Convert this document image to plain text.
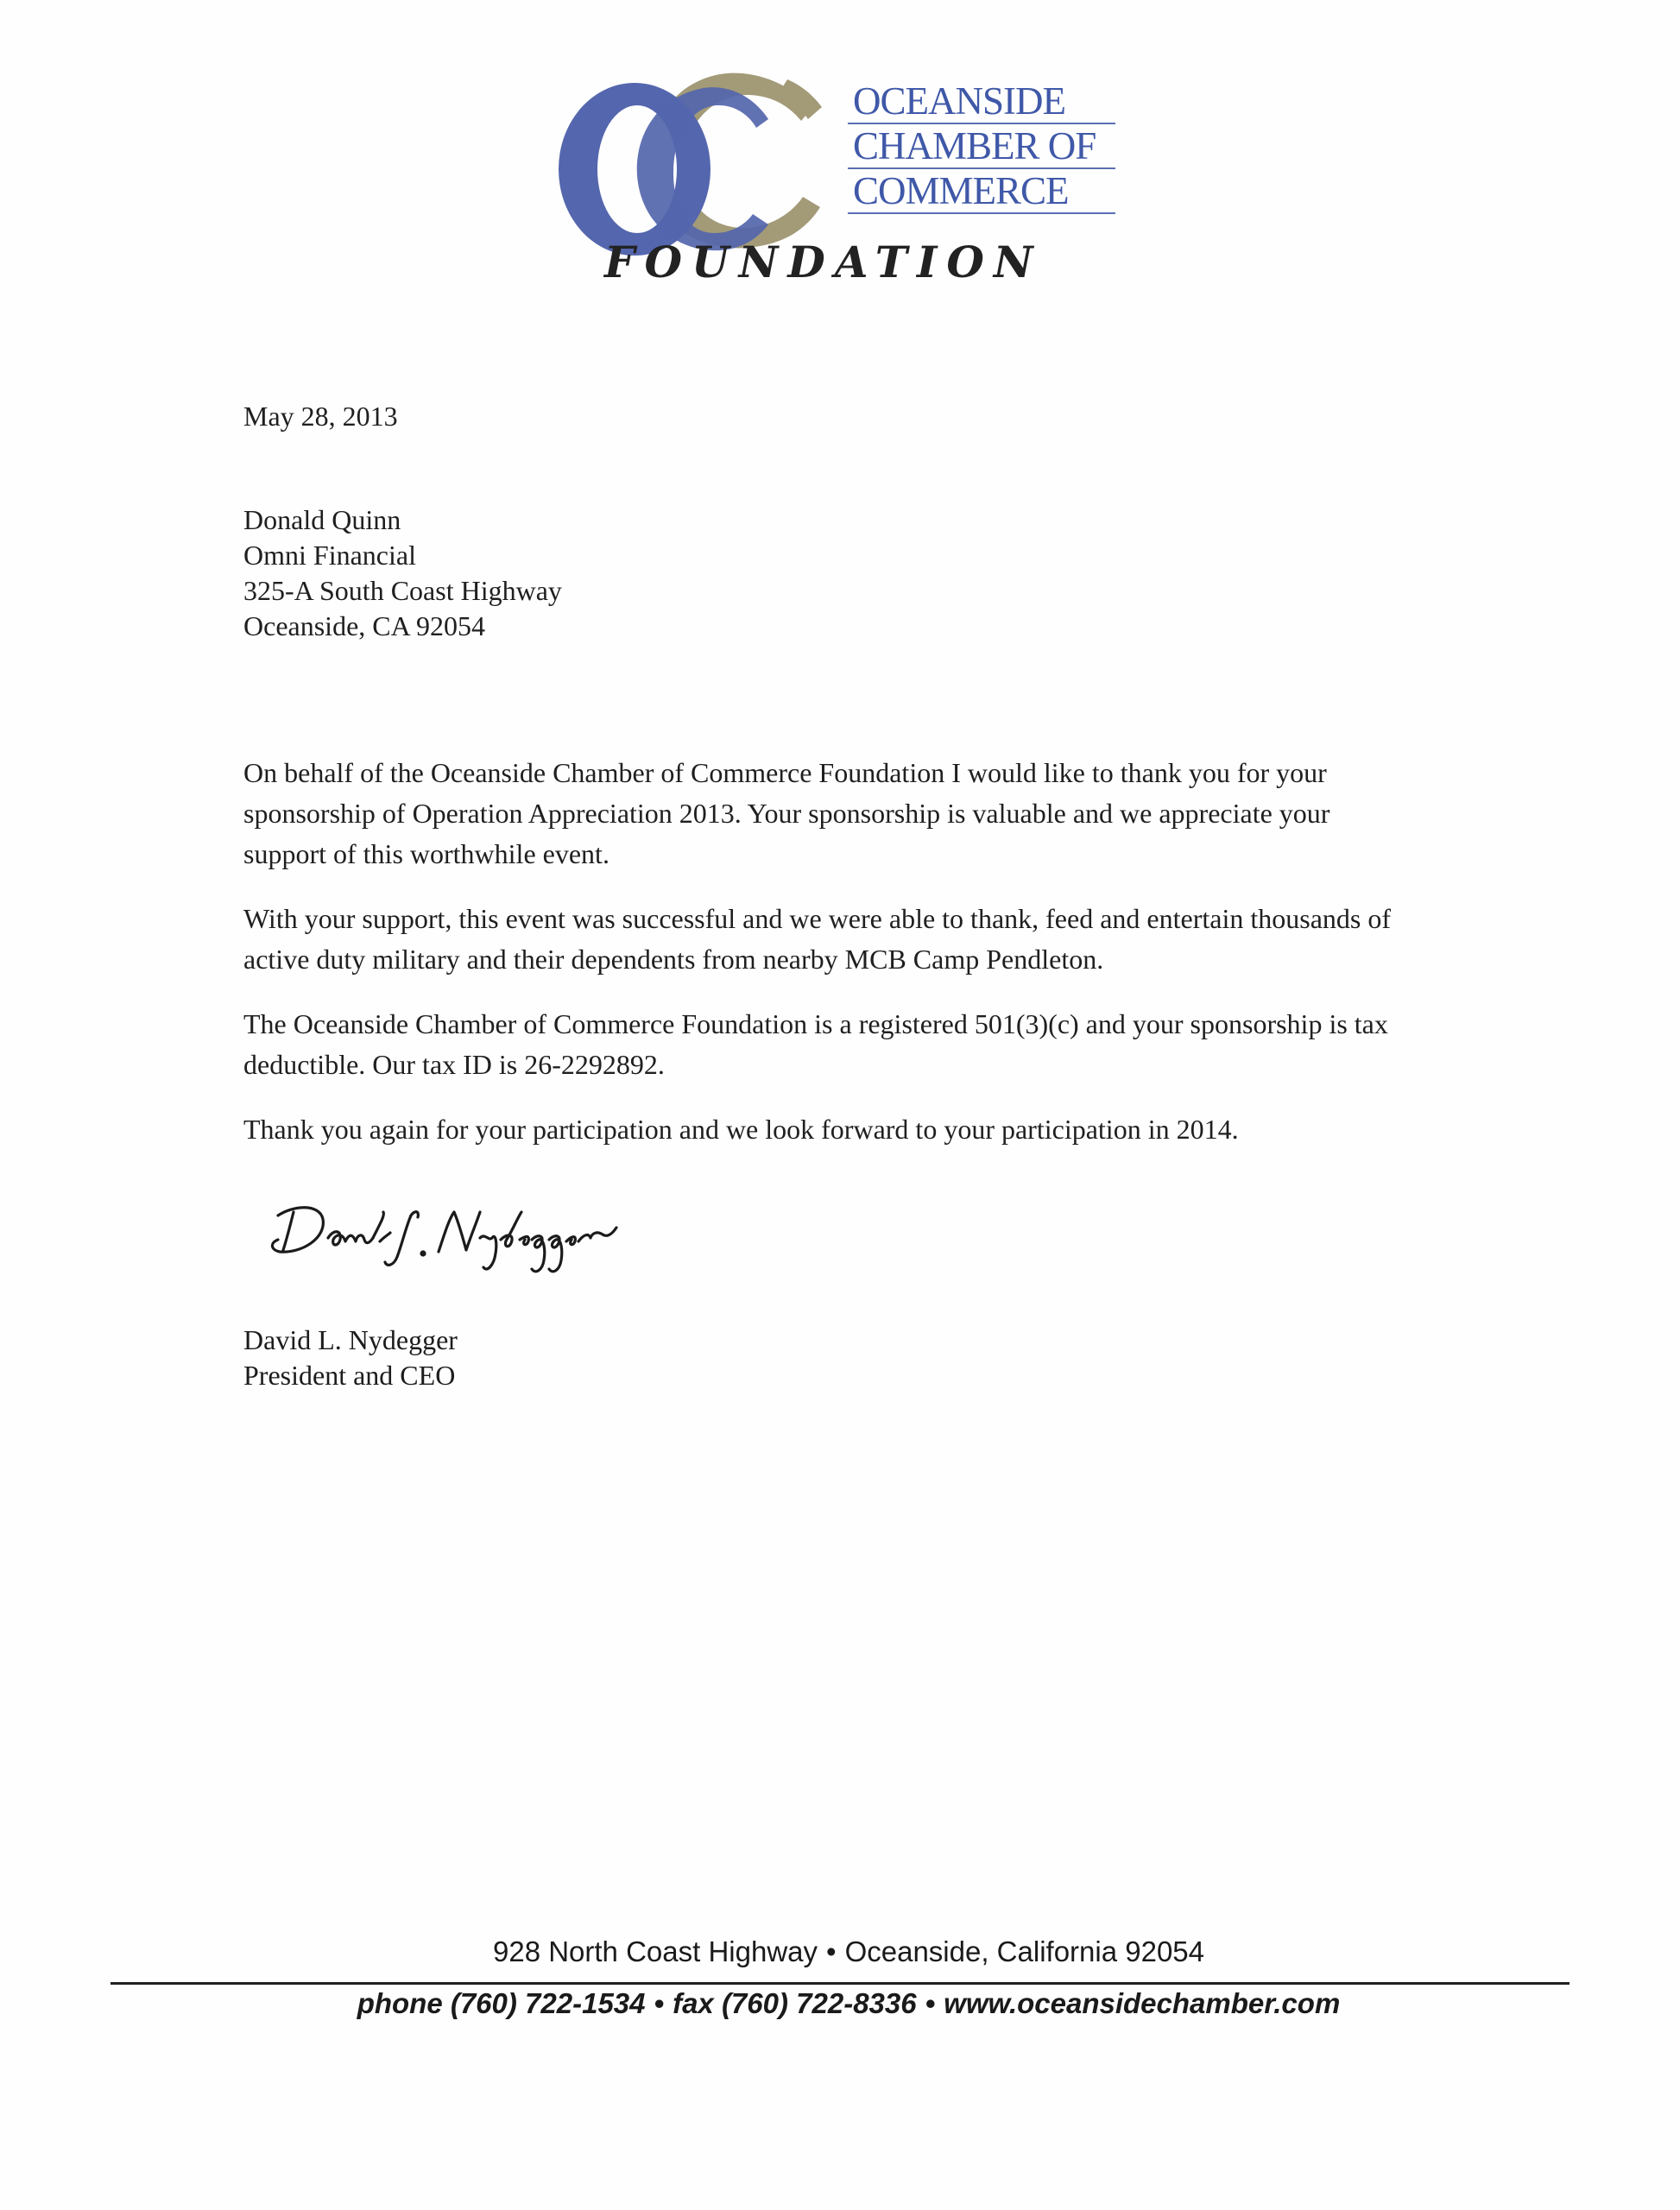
OCEANSIDE
CHAMBER OF
COMMERCE
FOUNDATION
May 28, 2013
Donald Quinn
Omni Financial
325-A South Coast Highway
Oceanside, CA 92054

On behalf of the Oceanside Chamber of Commerce Foundation I would like to thank you for your sponsorship of Operation Appreciation 2013. Your sponsorship is valuable and we appreciate your support of this worthwhile event.

With your support, this event was successful and we were able to thank, feed and entertain thousands of active duty military and their dependents from nearby MCB Camp Pendleton.

The Oceanside Chamber of Commerce Foundation is a registered 501(3)(c) and your sponsorship is tax deductible. Our tax ID is 26-2292892.

Thank you again for your participation and we look forward to your participation in 2014.

David L. Nydegger
President and CEO
928 North Coast Highway • Oceanside, California 92054
phone (760) 722-1534 • fax (760) 722-8336 • www.oceansidechamber.com
